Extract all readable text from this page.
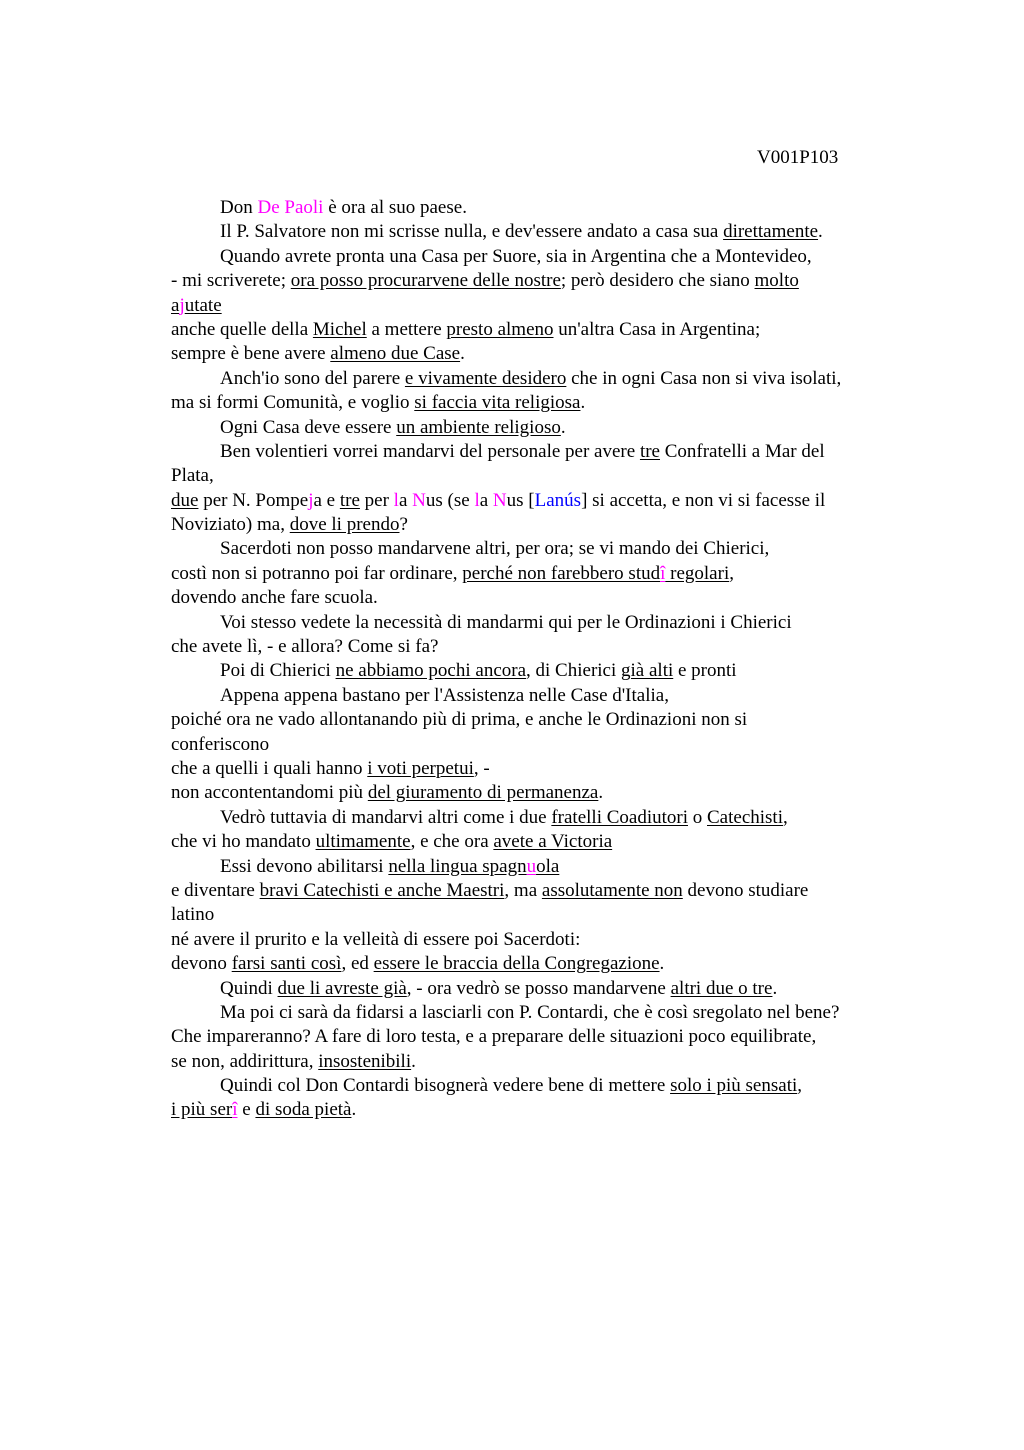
V001P103
Don De Paoli è ora al suo paese.
Il P. Salvatore non mi scrisse nulla, e dev'essere andato a casa sua direttamente.
Quando avrete pronta una Casa per Suore, sia in Argentina che a Montevideo,
- mi scriverete; ora posso procurarvene delle nostre; però desidero che siano molto
ajutate
anche quelle della Michel a mettere presto almeno un'altra Casa in Argentina;
sempre è bene avere almeno due Case.
Anch'io sono del parere e vivamente desidero che in ogni Casa non si viva isolati,
ma si formi Comunità, e voglio si faccia vita religiosa.
Ogni Casa deve essere un ambiente religioso.
Ben volentieri vorrei mandarvi del personale per avere tre Confratelli a Mar del
Plata,
due per N. Pompeja e tre per la Nus (se la Nus [Lanús] si accetta, e non vi si facesse il
Noviziato) ma, dove li prendo?
Sacerdoti non posso mandarvene altri, per ora; se vi mando dei Chierici,
costì non si potranno poi far ordinare, perché non farebbero studî regolari,
dovendo anche fare scuola.
Voi stesso vedete la necessità di mandarmi qui per le Ordinazioni i Chierici
che avete lì, - e allora? Come si fa?
Poi di Chierici ne abbiamo pochi ancora, di Chierici già alti e pronti
Appena appena bastano per l'Assistenza nelle Case d'Italia,
poiché ora ne vado allontanando più di prima, e anche le Ordinazioni non si
conferiscono
che a quelli i quali hanno i voti perpetui, -
non accontentandomi più del giuramento di permanenza.
Vedrò tuttavia di mandarvi altri come i due fratelli Coadiutori o Catechisti,
che vi ho mandato ultimamente, e che ora avete a Victoria
Essi devono abilitarsi nella lingua spagnuola
e diventare bravi Catechisti e anche Maestri, ma assolutamente non devono studiare
latino
né avere il prurito e la velleità di essere poi Sacerdoti:
devono farsi santi così, ed essere le braccia della Congregazione.
Quindi due li avreste già, - ora vedrò se posso mandarvene altri due o tre.
Ma poi ci sarà da fidarsi a lasciarli con P. Contardi, che è così sregolato nel bene?
Che impareranno? A fare di loro testa, e a preparare delle situazioni poco equilibrate,
se non, addirittura, insostenibili.
Quindi col Don Contardi bisognerà vedere bene di mettere solo i più sensati,
i più serî e di soda pietà.
